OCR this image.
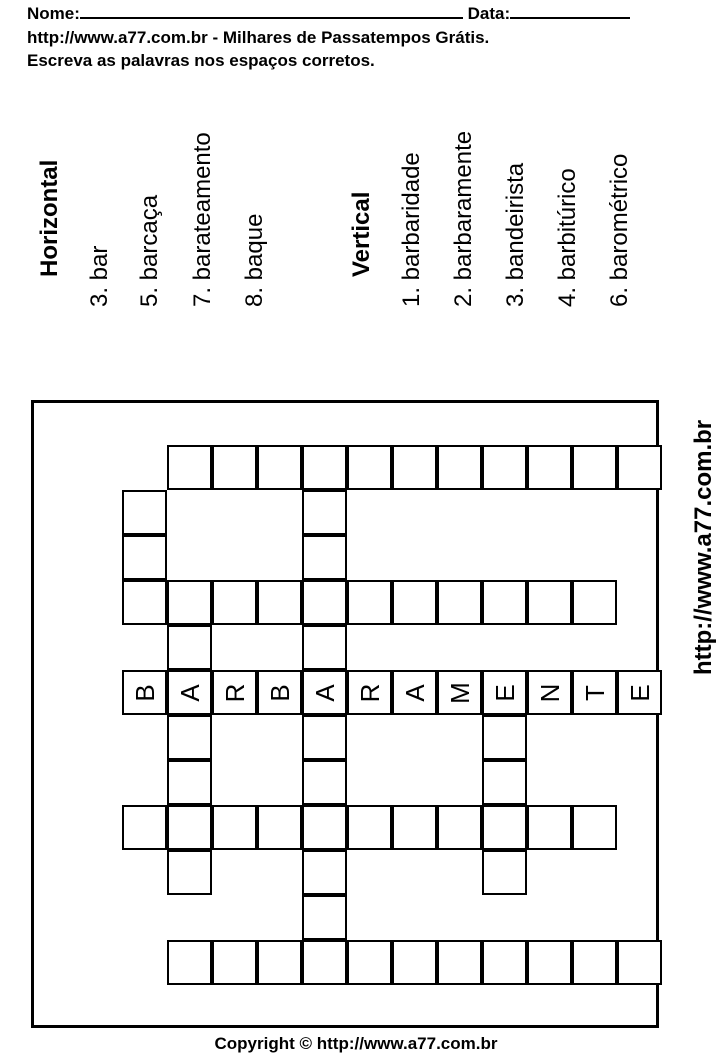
Nome:	Data:
http://www.a77.com.br - Milhares de Passatempos Grátis.
Escreva as palavras nos espaços corretos.
Horizontal 3. bar 5. barcaça 7. barateamento 8. baque	Vertical 1. barbaridade 2. barbaramente 3. bandeirista 4. barbitúrico 6. barométrico
http://www.a77.com.br
B A R B A R A M E N T E
Copyright © http://www.a77.com.br
